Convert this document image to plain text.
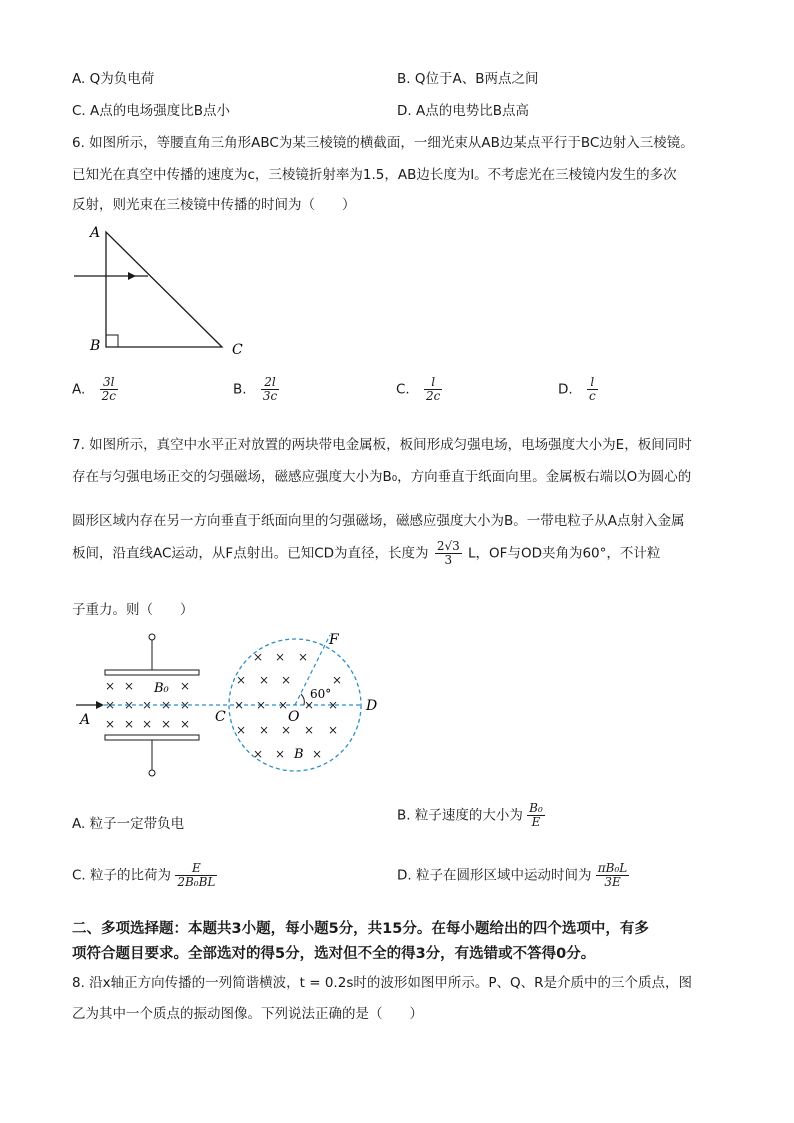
A. Q为负电荷	B. Q位于A、B两点之间
C. A点的电场强度比B点小	D. A点的电势比B点高
6. 如图所示，等腰直角三角形ABC为某三棱镜的横截面，一细光束从AB边某点平行于BC边射入三棱镜。
已知光在真空中传播的速度为c，三棱镜折射率为1.5，AB边长度为l。不考虑光在三棱镜内发生的多次
反射，则光束在三棱镜中传播的时间为（　　）
A
B	C
A. $\frac{3l}{2c}$	B. $\frac{2l}{3c}$	C. $\frac{l}{2c}$	D. $\frac{l}{c}$
7. 如图所示，真空中水平正对放置的两块带电金属板，板间形成匀强电场，电场强度大小为E，板间同时
存在与匀强电场正交的匀强磁场，磁感应强度大小为B₀，方向垂直于纸面向里。金属板右端以O为圆心的
圆形区域内存在另一方向垂直于纸面向里的匀强磁场，磁感应强度大小为B。一带电粒子从A点射入金属
板间，沿直线AC运动，从F点射出。已知CD为直径，长度为 $\frac{2√3}{3}$ L，OF与OD夹角为60°，不计粒
子重力。则（　　）
× ×	×
× × × × ×
× × × × ×
B₀
A
60°
× × ×
× × ×	×
× × × × ×
× × × × ×
× × ×
B
C	O
D
F
A. 粒子一定带负电
B. 粒子速度的大小为 $\frac{\text{B₀}}{E}$
C. 粒子的比荷为 $\frac{E}{\text{2B₀BL}}$	D. 粒子在圆形区域中运动时间为 $\frac{\text{πB₀L}}{3E}$
二、多项选择题：本题共3小题，每小题5分，共15分。在每小题给出的四个选项中，有多
项符合题目要求。全部选对的得5分，选对但不全的得3分，有选错或不答得0分。
8. 沿x轴正方向传播的一列简谐横波，t = 0.2s时的波形如图甲所示。P、Q、R是介质中的三个质点，图
乙为其中一个质点的振动图像。下列说法正确的是（　　）
